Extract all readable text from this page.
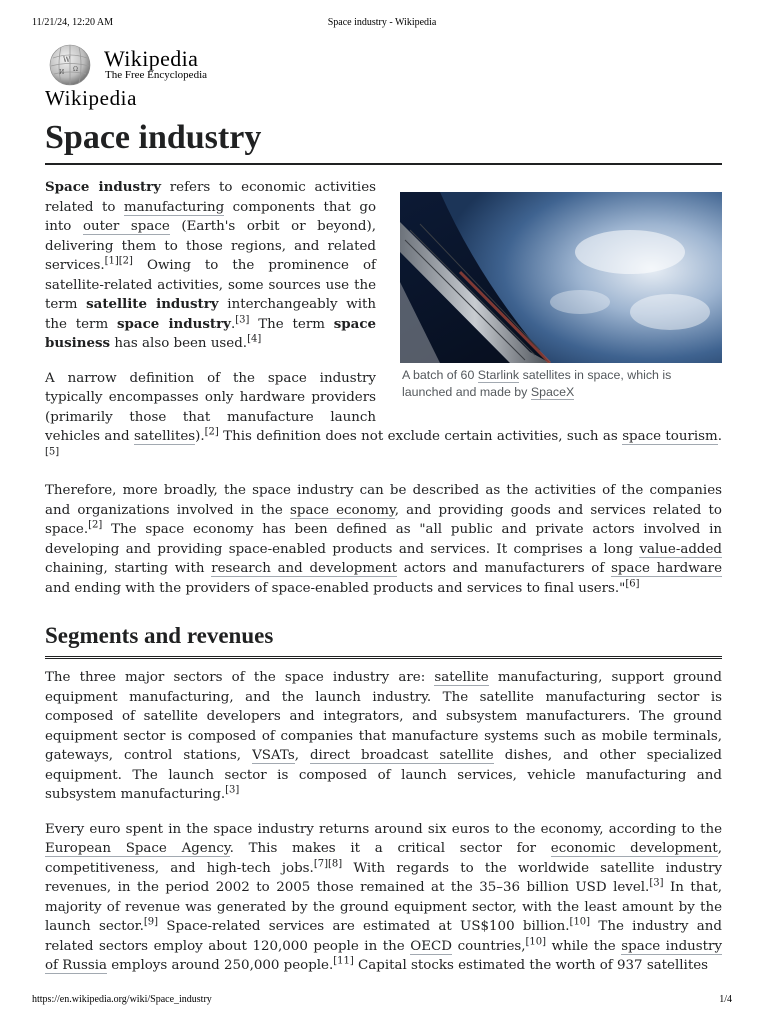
11/21/24, 12:20 AM	Space industry - Wikipedia
W
Ω
И
Wikipedia
The Free Encyclopedia
Wikipedia
Space industry
A batch of 60 Starlink satellites in space, which is launched and made by SpaceX

Space industry refers to economic activities related to manufacturing components that go into outer space (Earth's orbit or beyond), delivering them to those regions, and related services.[1][2] Owing to the prominence of satellite-related activities, some sources use the term satellite industry interchangeably with the term space industry.[3] The term space business has also been used.[4]

A narrow definition of the space industry typically encompasses only hardware providers (primarily those that manufacture launch vehicles and satellites).[2] This definition does not exclude certain activities, such as space tourism.[5]

Therefore, more broadly, the space industry can be described as the activities of the companies and organizations involved in the space economy, and providing goods and services related to space.[2] The space economy has been defined as "all public and private actors involved in developing and providing space-enabled products and services. It comprises a long value-added chaining, starting with research and development actors and manufacturers of space hardware and ending with the providers of space-enabled products and services to final users."[6]

Segments and revenues

The three major sectors of the space industry are: satellite manufacturing, support ground equipment manufacturing, and the launch industry. The satellite manufacturing sector is composed of satellite developers and integrators, and subsystem manufacturers. The ground equipment sector is composed of companies that manufacture systems such as mobile terminals, gateways, control stations, VSATs, direct broadcast satellite dishes, and other specialized equipment. The launch sector is composed of launch services, vehicle manufacturing and subsystem manufacturing.[3]

Every euro spent in the space industry returns around six euros to the economy, according to the European Space Agency. This makes it a critical sector for economic development, competitiveness, and high-tech jobs.[7][8] With regards to the worldwide satellite industry revenues, in the period 2002 to 2005 those remained at the 35–36 billion USD level.[3] In that, majority of revenue was generated by the ground equipment sector, with the least amount by the launch sector.[9] Space-related services are estimated at US$100 billion.[10] The industry and related sectors employ about 120,000 people in the OECD countries,[10] while the space industry of Russia employs around 250,000 people.[11] Capital stocks estimated the worth of 937 satellites

https://en.wikipedia.org/wiki/Space_industry	1/4
